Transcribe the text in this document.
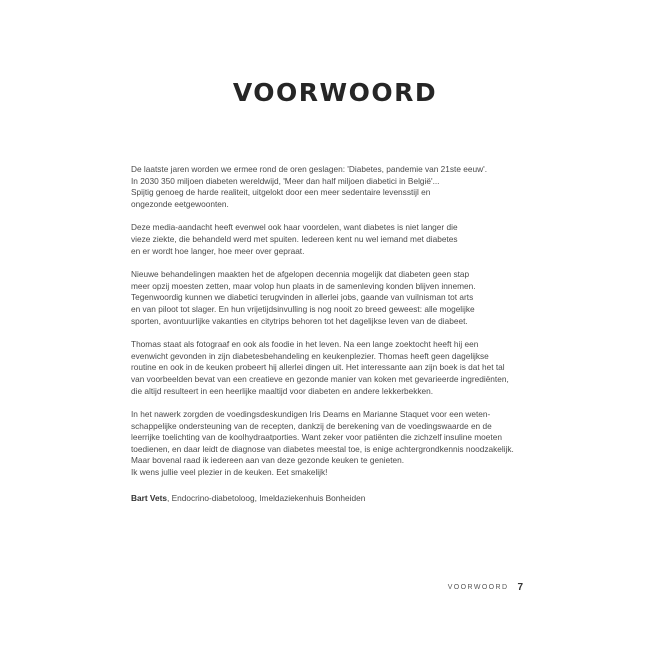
VOORWOORD
De laatste jaren worden we ermee rond de oren geslagen: 'Diabetes, pandemie van 21ste eeuw'.
In 2030 350 miljoen diabeten wereldwijd, 'Meer dan half miljoen diabetici in België'...
Spijtig genoeg de harde realiteit, uitgelokt door een meer sedentaire levensstijl en
ongezonde eetgewoonten.
Deze media-aandacht heeft evenwel ook haar voordelen, want diabetes is niet langer die
vieze ziekte, die behandeld werd met spuiten. Iedereen kent nu wel iemand met diabetes
en er wordt hoe langer, hoe meer over gepraat.
Nieuwe behandelingen maakten het de afgelopen decennia mogelijk dat diabeten geen stap
meer opzij moesten zetten, maar volop hun plaats in de samenleving konden blijven innemen.
Tegenwoordig kunnen we diabetici terugvinden in allerlei jobs, gaande van vuilnisman tot arts
en van piloot tot slager. En hun vrijetijdsinvulling is nog nooit zo breed geweest: alle mogelijke
sporten, avontuurlijke vakanties en citytrips behoren tot het dagelijkse leven van de diabeet.
Thomas staat als fotograaf en ook als foodie in het leven. Na een lange zoektocht heeft hij een
evenwicht gevonden in zijn diabetesbehandeling en keukenplezier. Thomas heeft geen dagelijkse
routine en ook in de keuken probeert hij allerlei dingen uit. Het interessante aan zijn boek is dat het tal
van voorbeelden bevat van een creatieve en gezonde manier van koken met gevarieerde ingrediënten,
die altijd resulteert in een heerlijke maaltijd voor diabeten en andere lekkerbekken.
In het nawerk zorgden de voedingsdeskundigen Iris Deams en Marianne Staquet voor een weten-
schappelijke ondersteuning van de recepten, dankzij de berekening van de voedingswaarde en de
leerrijke toelichting van de koolhydraatporties. Want zeker voor patiënten die zichzelf insuline moeten
toedienen, en daar leidt de diagnose van diabetes meestal toe, is enige achtergrondkennis noodzakelijk.
Maar bovenal raad ik iedereen aan van deze gezonde keuken te genieten.
Ik wens jullie veel plezier in de keuken. Eet smakelijk!
Bart Vets, Endocrino-diabetoloog, Imeldaziekenhuis Bonheiden
VOORWOORD 7
